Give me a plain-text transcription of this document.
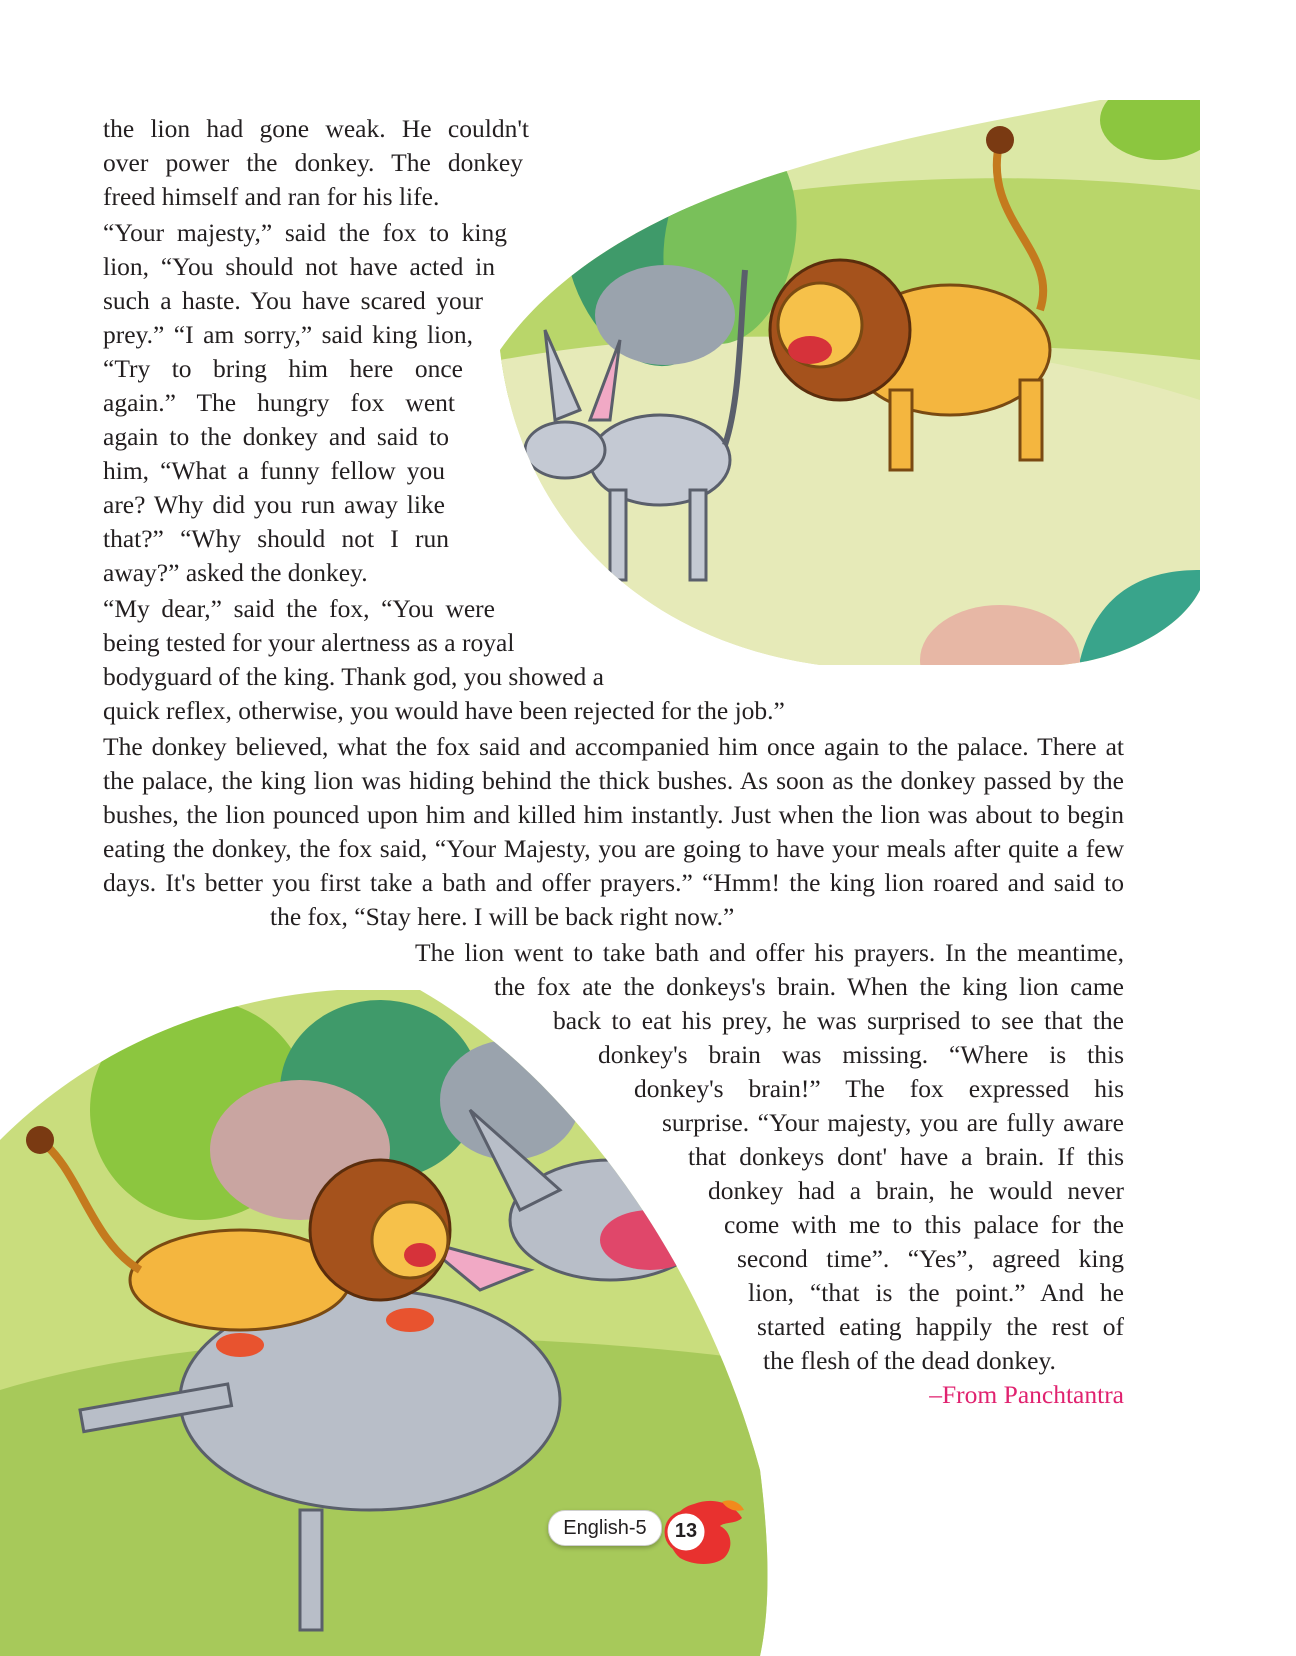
the lion had gone weak. He couldn't
over power the donkey. The donkey
freed himself and ran for his life.
“Your majesty,” said the fox to king
lion, “You should not have acted in
such a haste. You have scared your
prey.” “I am sorry,” said king lion,
“Try to bring him here once
again.” The hungry fox went
again to the donkey and said to
him, “What a funny fellow you
are? Why did you run away like
that?” “Why should not I run
away?” asked the donkey.
“My dear,” said the fox, “You were
being tested for your alertness as a royal
bodyguard of the king. Thank god, you showed a
quick reflex, otherwise, you would have been rejected for the job.”
The donkey believed, what the fox said and accompanied him once again to the palace. There at
the palace, the king lion was hiding behind the thick bushes. As soon as the donkey passed by the
bushes, the lion pounced upon him and killed him instantly. Just when the lion was about to begin
eating the donkey, the fox said, “Your Majesty, you are going to have your meals after quite a few
days. It's better you first take a bath and offer prayers.” “Hmm! the king lion roared and said to
the fox, “Stay here. I will be back right now.”
The lion went to take bath and offer his prayers. In the meantime,
the fox ate the donkeys's brain. When the king lion came
back to eat his prey, he was surprised to see that the
donkey's brain was missing. “Where is this
donkey's brain!” The fox expressed his
surprise. “Your majesty, you are fully aware
that donkeys dont' have a brain. If this
donkey had a brain, he would never
come with me to this palace for the
second time”. “Yes”, agreed king
lion, “that is the point.” And he
started eating happily the rest of
the flesh of the dead donkey.
–From Panchtantra
English-5	13
